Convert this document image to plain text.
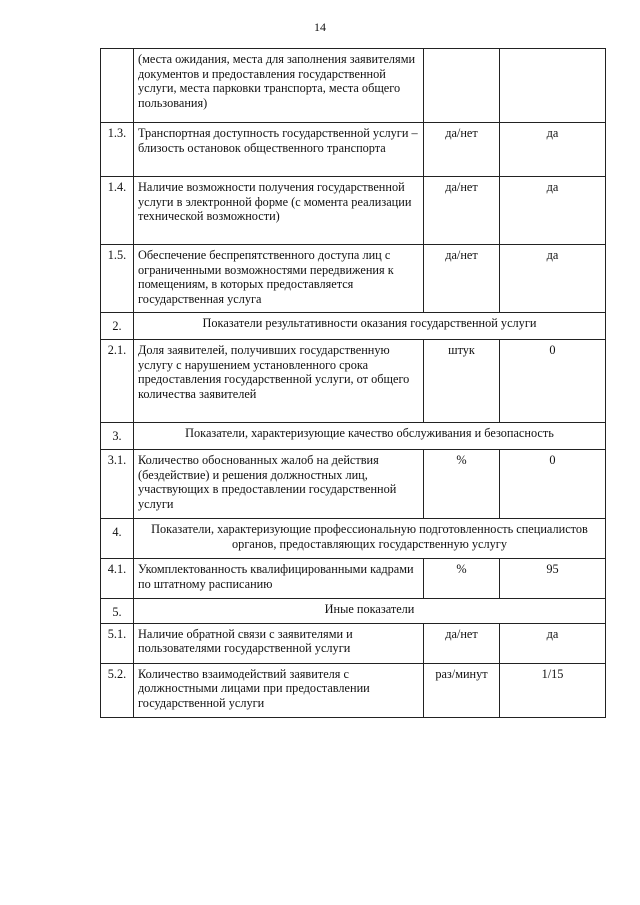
14
	(места ожидания, места для заполнения заявителями документов и предоставления государственной услуги, места парковки транспорта, места общего пользования)		
1.3.	Транспортная доступность государственной услуги – близость остановок общественного транспорта	да/нет	да
1.4.	Наличие возможности получения государственной услуги в электронной форме (с момента реализации технической возможности)	да/нет	да
1.5.	Обеспечение беспрепятственного доступа лиц с ограниченными возможностями передвижения к помещениям, в которых предоставляется государственная услуга	да/нет	да
2.	Показатели результативности оказания государственной услуги		
2.1.	Доля заявителей, получивших государственную услугу с нарушением установленного срока предоставления государственной услуги, от общего количества заявителей	штук	0
3.	Показатели, характеризующие качество обслуживания и безопасность		
3.1.	Количество обоснованных жалоб на действия (бездействие) и решения должностных лиц, участвующих в предоставлении государственной услуги	%	0
4.	Показатели, характеризующие профессиональную подготовленность специалистов органов, предоставляющих государственную услугу		
4.1.	Укомплектованность квалифицированными кадрами по штатному расписанию	%	95
5.	Иные показатели		
5.1.	Наличие обратной связи с заявителями и пользователями государственной услуги	да/нет	да
5.2.	Количество взаимодействий заявителя с должностными лицами при предоставлении государственной услуги	раз/минут	1/15
